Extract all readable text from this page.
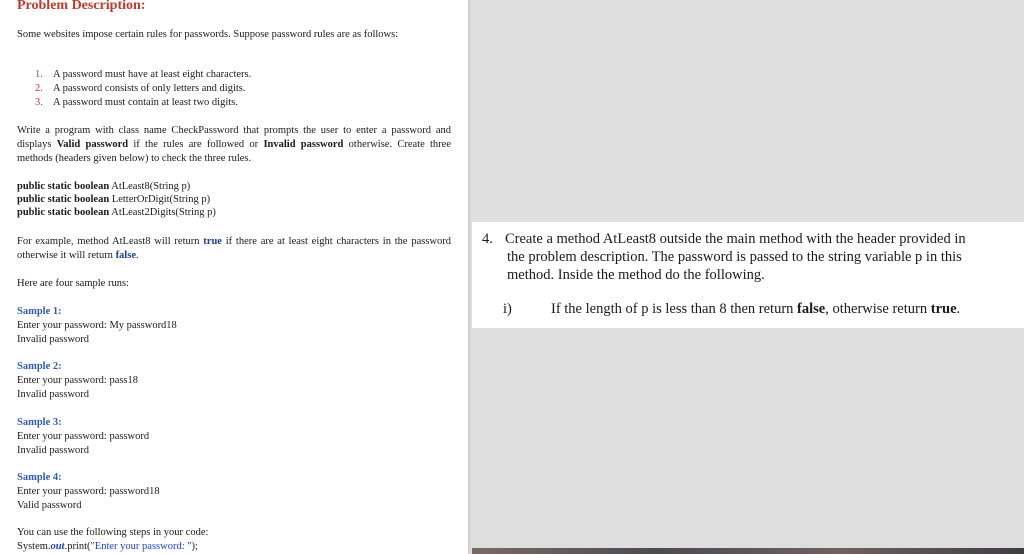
Problem Description:

Some websites impose certain rules for passwords. Suppose password rules are as follows:

1. A password must have at least eight characters.
2. A password consists of only letters and digits.
3. A password must contain at least two digits.

Write a program with class name CheckPassword that prompts the user to enter a password and displays Valid password if the rules are followed or Invalid password otherwise. Create three methods (headers given below) to check the three rules.

public static boolean AtLeast8(String p)
public static boolean LetterOrDigit(String p)
public static boolean AtLeast2Digits(String p)

For example, method AtLeast8 will return true if there are at least eight characters in the password otherwise it will return false.

Here are four sample runs:
Sample 1:
Enter your password: My password18
Invalid password
Sample 2:
Enter your password: pass18
Invalid password
Sample 3:
Enter your password: password
Invalid password
Sample 4:
Enter your password: password18
Valid password
You can use the following steps in your code:
System.out.print("Enter your password: ");
4. Create a method AtLeast8 outside the main method with the header provided in
the problem description. The password is passed to the string variable p in this
method. Inside the method do the following.
i)	If the length of p is less than 8 then return false, otherwise return true.
